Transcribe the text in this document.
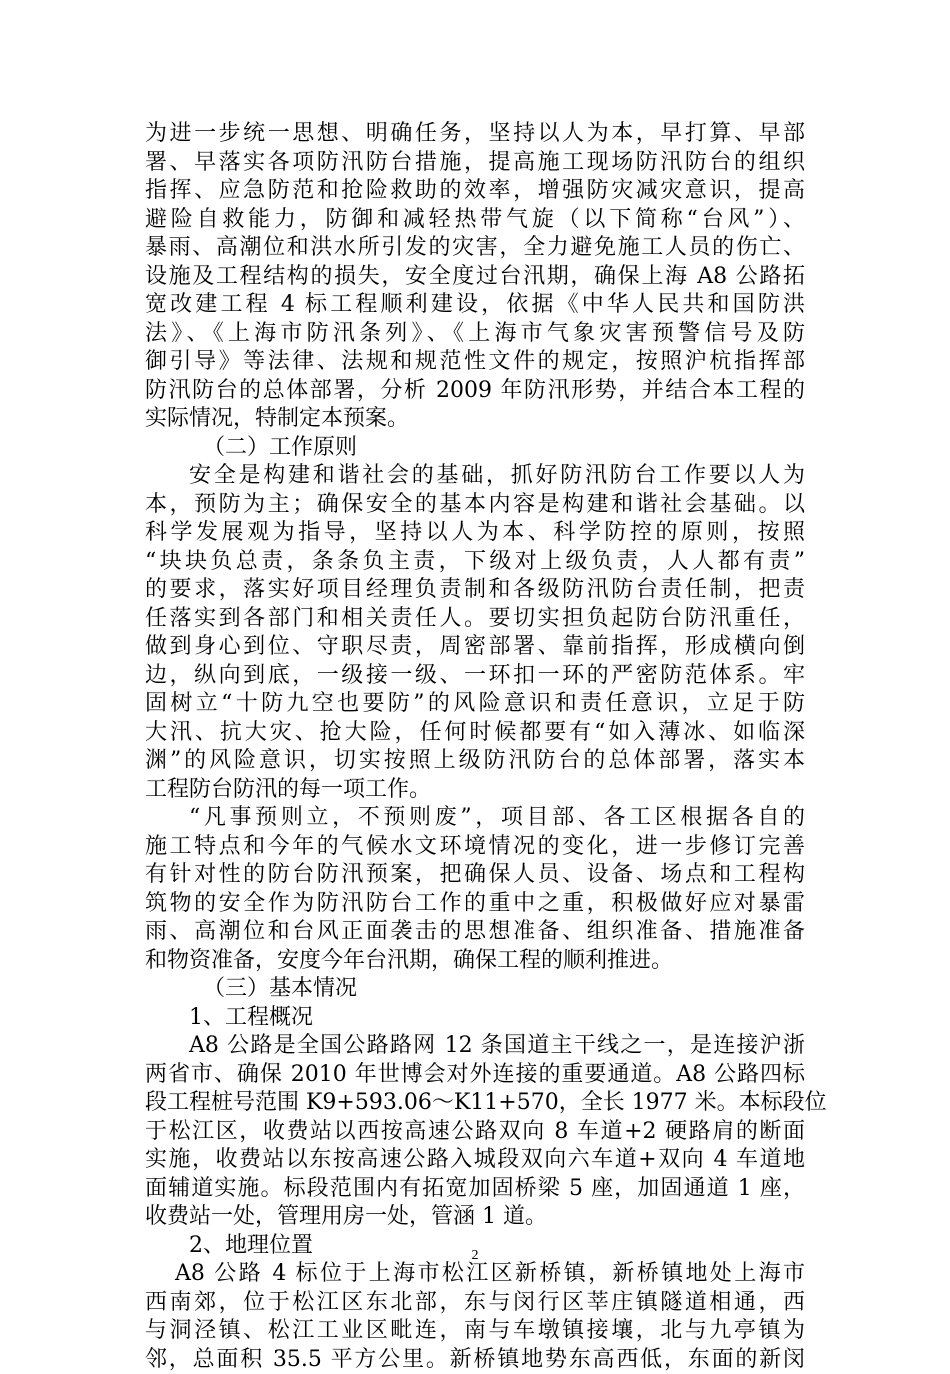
为进一步统一思想、明确任务，坚持以人为本，早打算、早部
署、早落实各项防汛防台措施，提高施工现场防汛防台的组织
指挥、应急防范和抢险救助的效率，增强防灾减灾意识，提高
避险自救能力，防御和减轻热带气旋（以下简称“台风”）、
暴雨、高潮位和洪水所引发的灾害，全力避免施工人员的伤亡、
设施及工程结构的损失，安全度过台汛期，确保上海 A8 公路拓
宽改建工程 4 标工程顺利建设，依据《中华人民共和国防洪
法》、《上海市防汛条列》、《上海市气象灾害预警信号及防
御引导》等法律、法规和规范性文件的规定，按照沪杭指挥部
防汛防台的总体部署，分析 2009 年防汛形势，并结合本工程的
实际情况，特制定本预案。
（二）工作原则
安全是构建和谐社会的基础，抓好防汛防台工作要以人为
本，预防为主；确保安全的基本内容是构建和谐社会基础。以
科学发展观为指导，坚持以人为本、科学防控的原则，按照
“块块负总责，条条负主责，下级对上级负责，人人都有责”
的要求，落实好项目经理负责制和各级防汛防台责任制，把责
任落实到各部门和相关责任人。要切实担负起防台防汛重任，
做到身心到位、守职尽责，周密部署、靠前指挥，形成横向倒
边，纵向到底，一级接一级、一环扣一环的严密防范体系。牢
固树立“十防九空也要防”的风险意识和责任意识，立足于防
大汛、抗大灾、抢大险，任何时候都要有“如入薄冰、如临深
渊”的风险意识，切实按照上级防汛防台的总体部署，落实本
工程防台防汛的每一项工作。
“凡事预则立，不预则废”，项目部、各工区根据各自的
施工特点和今年的气候水文环境情况的变化，进一步修订完善
有针对性的防台防汛预案，把确保人员、设备、场点和工程构
筑物的安全作为防汛防台工作的重中之重，积极做好应对暴雷
雨、高潮位和台风正面袭击的思想准备、组织准备、措施准备
和物资准备，安度今年台汛期，确保工程的顺利推进。
（三）基本情况
1、工程概况
A8 公路是全国公路路网 12 条国道主干线之一，是连接沪浙
两省市、确保 2010 年世博会对外连接的重要通道。A8 公路四标
段工程桩号范围 K9+593.06～K11+570，全长 1977 米。本标段位
于松江区，收费站以西按高速公路双向 8 车道+2 硬路肩的断面
实施，收费站以东按高速公路入城段双向六车道+双向 4 车道地
面辅道实施。标段范围内有拓宽加固桥梁 5 座，加固通道 1 座，
收费站一处，管理用房一处，管涵 1 道。
2、地理位置
A8 公路 4 标位于上海市松江区新桥镇，新桥镇地处上海市
西南郊，位于松江区东北部，东与闵行区莘庄镇隧道相通，西
与洞泾镇、松江工业区毗连，南与车墩镇接壤，北与九亭镇为
邻，总面积 35.5 平方公里。新桥镇地势东高西低，东面的新闵
2
